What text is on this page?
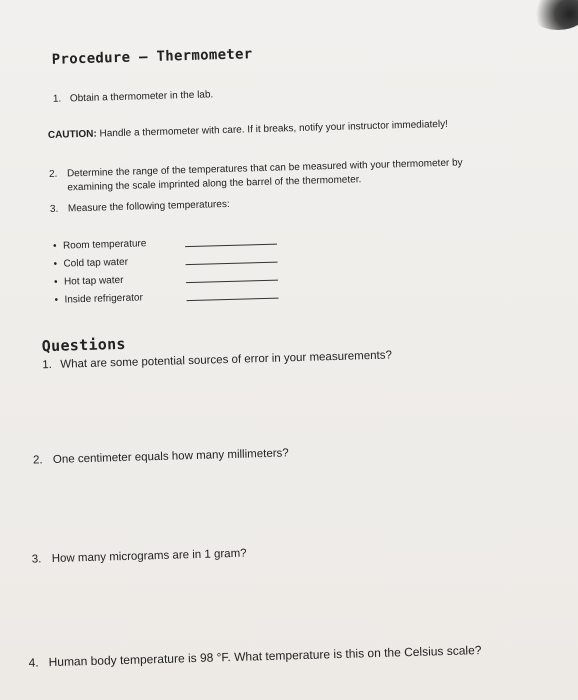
Procedure – Thermometer
1. Obtain a thermometer in the lab.
CAUTION: Handle a thermometer with care. If it breaks, notify your instructor immediately!
2. Determine the range of the temperatures that can be measured with your thermometer by
examining the scale imprinted along the barrel of the thermometer.
3. Measure the following temperatures:
• Room temperature
• Cold tap water
• Hot tap water
• Inside refrigerator
Questions
1. What are some potential sources of error in your measurements?
2. One centimeter equals how many millimeters?
3. How many micrograms are in 1 gram?
4. Human body temperature is 98 °F. What temperature is this on the Celsius scale?
